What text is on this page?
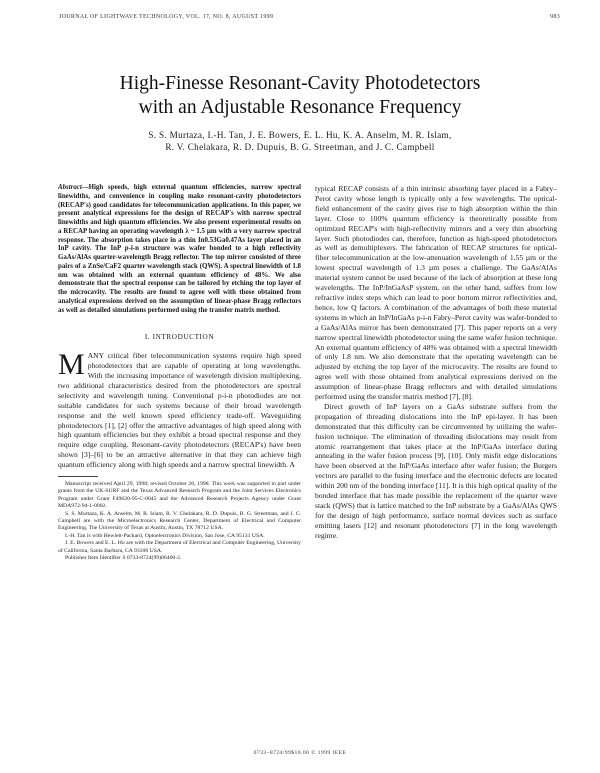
JOURNAL OF LIGHTWAVE TECHNOLOGY, VOL. 17, NO. 8, AUGUST 1999	983
High-Finesse Resonant-Cavity Photodetectors
with an Adjustable Resonance Frequency
S. S. Murtaza, I.-H. Tan, J. E. Bowers, E. L. Hu, K. A. Anselm, M. R. Islam,
R. V. Chelakara, R. D. Dupuis, B. G. Streetman, and J. C. Campbell

Abstract—High speeds, high external quantum efficiencies, narrow spectral linewidths, and convenience in coupling make resonant-cavity photodetectors (RECAP's) good candidates for telecommunication applications. In this paper, we present analytical expressions for the design of RECAP's with narrow spectral linewidths and high quantum efficiencies. We also present experimental results on a RECAP having an operating wavelength λ ~ 1.5 µm with a very narrow spectral response. The absorption takes place in a thin In0.53Ga0.47As layer placed in an InP cavity. The InP p-i-n structure was wafer bonded to a high reflectivity GaAs/AlAs quarter-wavelength Bragg reflector. The top mirror consisted of three pairs of a ZnSe/CaF2 quarter wavelength stack (QWS). A spectral linewidth of 1.8 nm was obtained with an external quantum efficiency of 48%. We also demonstrate that the spectral response can be tailored by etching the top layer of the microcavity. The results are found to agree well with those obtained from analytical expressions derived on the assumption of linear-phase Bragg reflectors as well as detailed simulations performed using the transfer matrix method.

I. INTRODUCTION

MANY critical fiber telecommunication systems require high speed photodetectors that are capable of operating at long wavelengths. With the increasing importance of wavelength division multiplexing, two additional characteristics desired from the photodetectors are spectral selectivity and wavelength tuning. Conventional p-i-n photodiodes are not suitable candidates for such systems because of their broad wavelength response and the well known speed efficiency trade-off. Waveguiding photodetectors [1], [2] offer the attractive advantages of high speed along with high quantum efficiencies but they exhibit a broad spectral response and they require edge coupling. Resonant-cavity photodetectors (RECAP's) have been shown [3]–[6] to be an attractive alternative in that they can achieve high quantum efficiency along with high speeds and a narrow spectral linewidth. A

Manuscript received April 29, 1998; revised October 26, 1998. This work was supported in part under grants from the UK-SURF and the Texas Advanced Research Program and the Joint Services Electronics Program under Grant F49620-95-C-0045 and the Advanced Research Projects Agency under Grant MDA972-94-1-0002.

S. S. Murtaza, K. A. Anselm, M. R. Islam, R. V. Chelakara, R. D. Dupuis, B. G. Streetman, and J. C. Campbell are with the Microelectronics Research Center, Department of Electrical and Computer Engineering, The University of Texas at Austin, Austin, TX 78712 USA.

I.-H. Tan is with Hewlett-Packard, Optoelectronics Division, San Jose, CA 95131 USA.

J. E. Bowers and E. L. Hu are with the Department of Electrical and Computer Engineering, University of California, Santa Barbara, CA 93106 USA.

Publisher Item Identifier S 0733-8724(99)06400-2.

typical RECAP consists of a thin intrinsic absorbing layer placed in a Fabry–Perot cavity whose length is typically only a few wavelengths. The optical-field enhancement of the cavity gives rise to high absorption within the thin layer. Close to 100% quantum efficiency is theoretically possible from optimized RECAP's with high-reflectivity mirrors and a very thin absorbing layer. Such photodiodes can, therefore, function as high-speed photodetectors as well as demultiplexers. The fabrication of RECAP structures for optical-fiber telecommunication at the low-attenuation wavelength of 1.55 µm or the lowest spectral wavelength of 1.3 µm poses a challenge. The GaAs/AlAs material system cannot be used because of the lack of absorption at these long wavelengths. The InP/InGaAsP system, on the other hand, suffers from low refractive index steps which can lead to poor bottom mirror reflectivities and, hence, low Q factors. A combination of the advantages of both these material systems in which an InP/InGaAs p-i-n Fabry–Perot cavity was wafer-bonded to a GaAs/AlAs mirror has been demonstrated [7]. This paper reports on a very narrow spectral linewidth photodetector using the same wafer fusion technique. An external quantum efficiency of 48% was obtained with a spectral linewidth of only 1.8 nm. We also demonstrate that the operating wavelength can be adjusted by etching the top layer of the microcavity. The results are found to agree well with those obtained from analytical expressions derived on the assumption of linear-phase Bragg reflectors and with detailed simulations performed using the transfer matrix method [7], [8].

Direct growth of InP layers on a GaAs substrate suffers from the propagation of threading dislocations into the InP epi-layer. It has been demonstrated that this difficulty can be circumvented by utilizing the wafer-fusion technique. The elimination of threading dislocations may result from atomic rearrangement that takes place at the InP/GaAs interface during annealing in the wafer fusion process [9], [10]. Only misfit edge dislocations have been observed at the InP/GaAs interface after wafer fusion; the Burgers vectors are parallel to the fusing interface and the electronic defects are located within 200 nm of the bonding interface [11]. It is this high optical quality of the bonded interface that has made possible the replacement of the quarter wave stack (QWS) that is lattice matched to the InP substrate by a GaAs/AlAs QWS for the design of high performance, surface normal devices such as surface emitting lasers [12] and resonant photodetectors [7] in the long wavelength regime.

0733–8724/99$10.00 © 1999 IEEE
